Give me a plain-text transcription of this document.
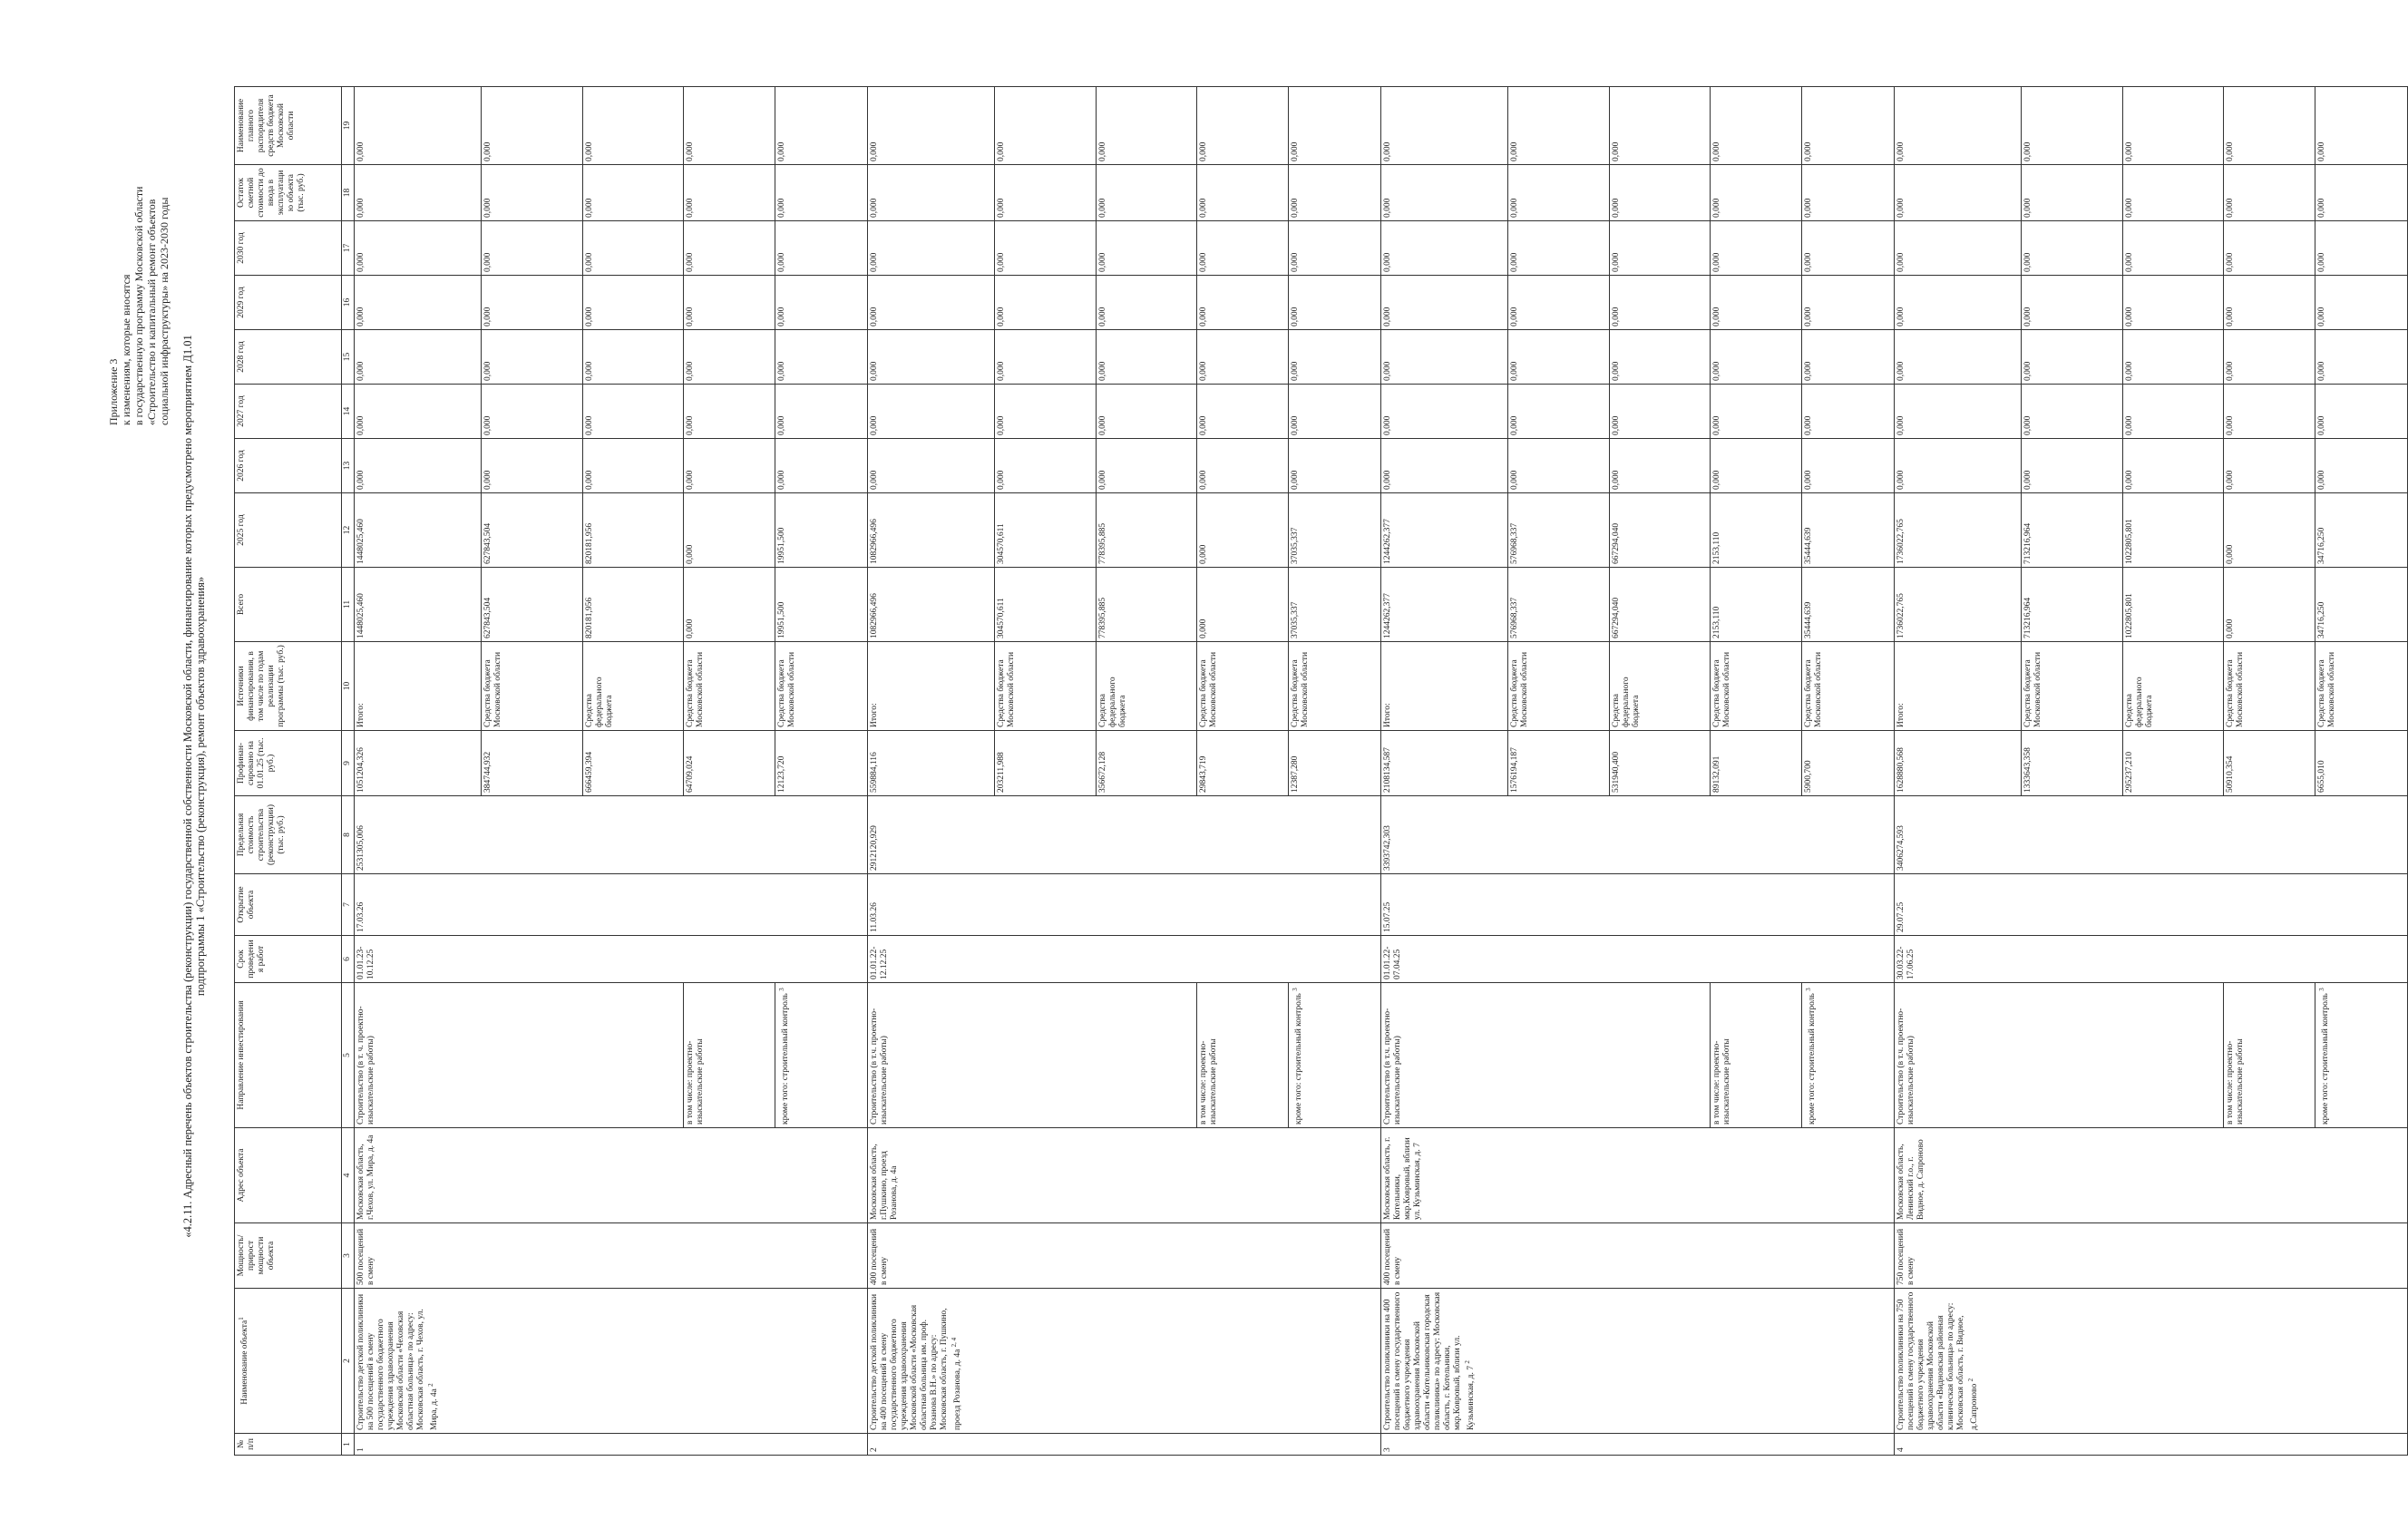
Приложение 3 к изменениям, которые вносятся в государственную программу Московской области «Строительство и капитальный ремонт объектов социальной инфраструктуры» на 2023-2030 годы
«4.2.11. Адресный перечень объектов строительства (реконструкции) государственной собственности Московской области, финансирование которых предусмотрено мероприятием Д1.01 подпрограммы 1 «Строительство (реконструкция), ремонт объектов здравоохранения»
№ п/п	Наименование объекта$^1$	Мощность/ прирост мощности объекта	Адрес объекта	Направление инвестирования	Срок проведения работ	Открытие объекта	Предельная стоимость строительства (реконструкции) (тыс. руб.)	Профинан-сировано на 01.01.25 (тыс. руб.)	Источники финансирования, в том числе по годам реализации программы (тыс. руб.)	Всего	2025 год	2026 год	2027 год	2028 год	2029 год	2030 год	Остаток сметной стоимости до ввода в эксплуатацию объекта (тыс. руб.)	Наименование главного распорядителя средств бюджета Московской области	
1	2	3	4	5	6	7	8	9	10	11	12	13	14	15	16	17	18	19	
1	Строительство детской поликлиники на 500 посещений в смену государственного бюджетного учреждения здравоохранения Московской области «Чеховская областная больница» по адресу: Московская область, г. Чехов, ул. Мира, д. 4а $^2$	500 посещений в смену	Московская область, г.Чехов, ул. Мира, д. 4а	Строительство (в т. ч. проектно-изыскательские работы)	01.01.23-10.12.25	17.03.26	2531305,006	1051204,326	Итого:	1448025,460	1448025,460	0,000	0,000	0,000	0,000	0,000	0,000	0,000	
								384744,932	Средства бюджета Московской области	627843,504	627843,504	0,000	0,000	0,000	0,000	0,000	0,000	0,000	
								666459,394	Средства федерального бюджета	820181,956	820181,956	0,000	0,000	0,000	0,000	0,000	0,000	0,000	
				в том числе: проектно-изыскательские работы				64709,024	Средства бюджета Московской области	0,000	0,000	0,000	0,000	0,000	0,000	0,000	0,000	0,000	
				кроме того: строительный контроль $^3$				12123,720	Средства бюджета Московской области	19951,500	19951,500	0,000	0,000	0,000	0,000	0,000	0,000	0,000	
2	Строительство детской поликлиники на 400 посещений в смену государственного бюджетного учреждения здравоохранения Московской области «Московская областная больница им. проф. Розанова В.Н.» по адресу: Московская область, г. Пушкино, проезд Розанова, д. 4а $^{2, 4}$	400 посещений в смену	Московская область, г.Пушкино, проезд Розанова, д. 4а	Строительство (в т.ч. проектно-изыскательские работы)	01.01.22-12.12.25	11.03.26	2912120,929	559884,116	Итого:	1082966,496	1082966,496	0,000	0,000	0,000	0,000	0,000	0,000	0,000	
								203211,988	Средства бюджета Московской области	304570,611	304570,611	0,000	0,000	0,000	0,000	0,000	0,000	0,000	
								356672,128	Средства федерального бюджета	778395,885	778395,885	0,000	0,000	0,000	0,000	0,000	0,000	0,000	
				в том числе: проектно-изыскательские работы				29843,719	Средства бюджета Московской области	0,000	0,000	0,000	0,000	0,000	0,000	0,000	0,000	0,000	
				кроме того: строительный контроль $^3$				12387,280	Средства бюджета Московской области	37035,337	37035,337	0,000	0,000	0,000	0,000	0,000	0,000	0,000	
3	Строительство поликлиники на 400 посещений в смену государственного бюджетного учреждения здравоохранения Московской области «Котельниковская городская поликлиника» по адресу: Московская область, г. Котельники, мкр.Ковровый, вблизи ул. Кузьминская, д. 7 $^2$	400 посещений в смену	Московская область, г. Котельники, мкр.Ковровый, вблизи ул. Кузьминская, д. 7	Строительство (в т.ч. проектно-изыскательские работы)	01.01.22-07.04.25	15.07.25	3393742,303	2108134,587	Итого:	1244262,377	1244262,377	0,000	0,000	0,000	0,000	0,000	0,000	0,000	
								1576194,187	Средства бюджета Московской области	576968,337	576968,337	0,000	0,000	0,000	0,000	0,000	0,000	0,000	
								531940,400	Средства федерального бюджета	667294,040	667294,040	0,000	0,000	0,000	0,000	0,000	0,000	0,000	
				в том числе: проектно-изыскательские работы				89132,091	Средства бюджета Московской области	2153,110	2153,110	0,000	0,000	0,000	0,000	0,000	0,000	0,000	
				кроме того: строительный контроль $^3$				5900,700	Средства бюджета Московской области	35444,639	35444,639	0,000	0,000	0,000	0,000	0,000	0,000	0,000	
4	Строительство поликлиники на 750 посещений в смену государственного бюджетного учреждения здравоохранения Московской области «Видновская районная клиническая больница» по адресу: Московская область, г. Видное, д.Сапроново $^2$	750 посещений в смену	Московская область, Ленинский г.о., г. Видное, д. Сапроново	Строительство (в т.ч. проектно-изыскательские работы)	30.03.22-17.06.25	29.07.25	3406274,593	1628880,568	Итого:	1736022,765	1736022,765	0,000	0,000	0,000	0,000	0,000	0,000	0,000	
								1333643,358	Средства бюджета Московской области	713216,964	713216,964	0,000	0,000	0,000	0,000	0,000	0,000	0,000	
								295237,210	Средства федерального бюджета	1022805,801	1022805,801	0,000	0,000	0,000	0,000	0,000	0,000	0,000	
				в том числе: проектно-изыскательские работы				50910,354	Средства бюджета Московской области	0,000	0,000	0,000	0,000	0,000	0,000	0,000	0,000	0,000	
				кроме того: строительный контроль $^3$				6655,010	Средства бюджета Московской области	34716,250	34716,250	0,000	0,000	0,000	0,000	0,000	0,000	0,000	
